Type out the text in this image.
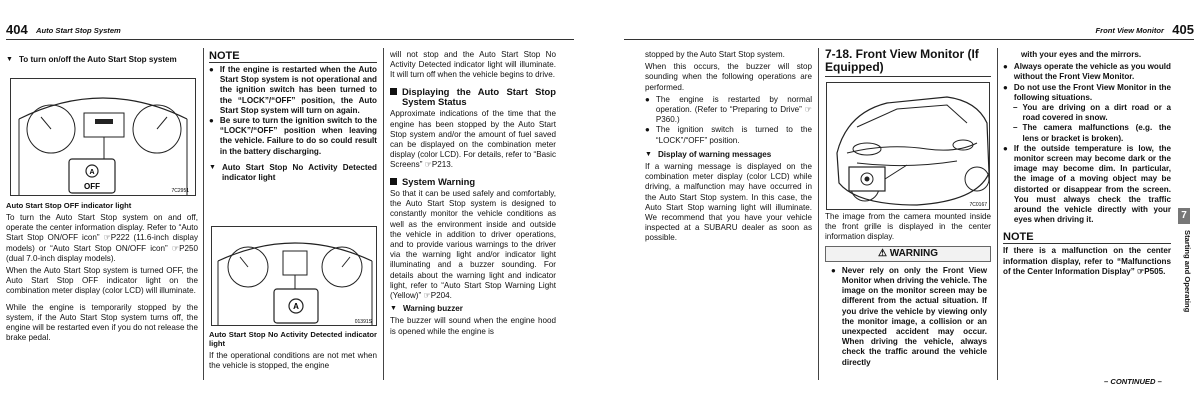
404 Auto Start Stop System	Front View Monitor 405
▼ To turn on/off the Auto Start Stop system
A
OFF	7C2951
Auto Start Stop OFF indicator light

To turn the Auto Start Stop system on and off, operate the center information display. Refer to “Auto Start Stop ON/OFF icon” ☞P222 (11.6-inch display models) or “Auto Start Stop ON/OFF icon” ☞P250 (dual 7.0-inch display models).

When the Auto Start Stop system is turned OFF, the Auto Start Stop OFF indicator light on the combination meter display (color LCD) will illuminate.

While the engine is temporarily stopped by the system, if the Auto Start Stop system turns off, the engine will be restarted even if you do not release the brake pedal.

NOTE
● If the engine is restarted when the Auto Start Stop system is not operational and the ignition switch has been turned to the “LOCK”/“OFF” position, the Auto Start Stop system will turn on again.
● Be sure to turn the ignition switch to the “LOCK”/“OFF” position when leaving the vehicle. Failure to do so could result in the battery discharging.
▼ Auto Start Stop No Activity Detected indicator light
A
01391S
Auto Start Stop No Activity Detected indicator light

If the operational conditions are not met when the vehicle is stopped, the engine

will not stop and the Auto Start Stop No Activity Detected indicator light will illuminate. It will turn off when the vehicle begins to drive.

Displaying the Auto Start Stop System Status

Approximate indications of the time that the engine has been stopped by the Auto Start Stop system and/or the amount of fuel saved can be displayed on the combination meter display (color LCD). For details, refer to “Basic Screens” ☞P213.

System Warning

So that it can be used safely and comfortably, the Auto Start Stop system is designed to constantly monitor the vehicle conditions as well as the environment inside and outside the vehicle in addition to driver operations, and to provide various warnings to the driver via the warning light and/or indicator light illuminating and a buzzer sounding. For details about the warning light and indicator light, refer to “Auto Start Stop Warning Light (Yellow)” ☞P204.

▼ Warning buzzer

The buzzer will sound when the engine hood is opened while the engine is

stopped by the Auto Start Stop system.

When this occurs, the buzzer will stop sounding when the following operations are performed.

● The engine is restarted by normal operation. (Refer to “Preparing to Drive” ☞P360.)
● The ignition switch is turned to the “LOCK”/“OFF” position.
▼ Display of warning messages

If a warning message is displayed on the combination meter display (color LCD) while driving, a malfunction may have occurred in the Auto Start Stop system. In this case, the Auto Start Stop warning light will illuminate. We recommend that you have your vehicle inspected at a SUBARU dealer as soon as possible.

7-18. Front View Monitor (If Equipped)
7C0167

The image from the camera mounted inside the front grille is displayed in the center information display.

⚠ WARNING
● Never rely on only the Front View Monitor when driving the vehicle. The image on the monitor screen may be different from the actual situation. If you drive the vehicle by viewing only the monitor image, a collision or an unexpected accident may occur. When driving the vehicle, always check the traffic around the vehicle directly

with your eyes and the mirrors.

● Always operate the vehicle as you would without the Front View Monitor.
● Do not use the Front View Monitor in the following situations.
– You are driving on a dirt road or a road covered in snow.
– The camera malfunctions (e.g. the lens or bracket is broken).
● If the outside temperature is low, the monitor screen may become dark or the image may become dim. In particular, the image of a moving object may be distorted or disappear from the screen. You must always check the traffic around the vehicle directly with your eyes when driving it.
NOTE

If there is a malfunction on the center information display, refer to “Malfunctions of the Center Information Display” ☞P505.

7
Starting and Operating
– CONTINUED –
